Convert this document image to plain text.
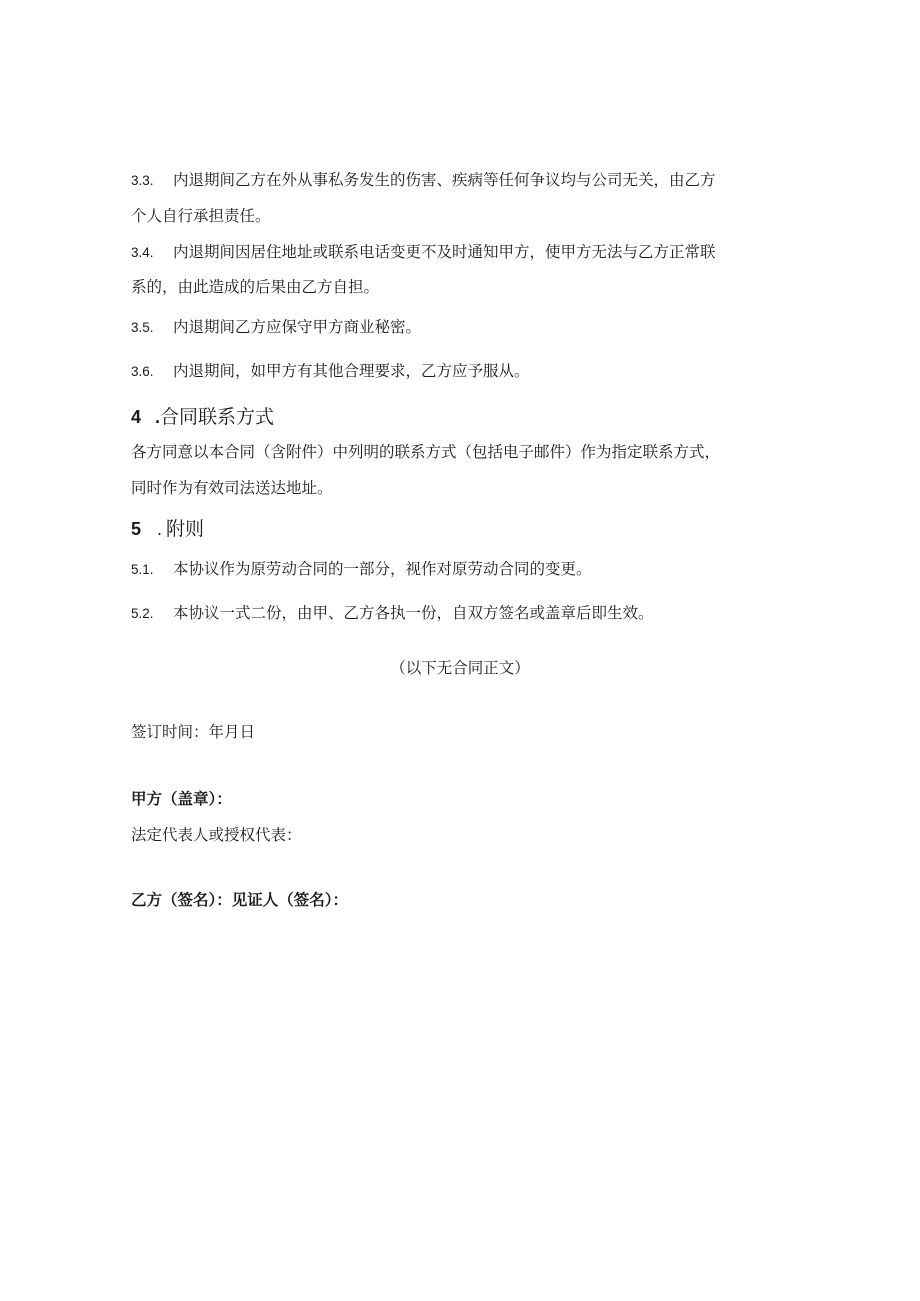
3.3. 内退期间乙方在外从事私务发生的伤害、疾病等任何争议均与公司无关，由乙方
个人自行承担责任。
3.4. 内退期间因居住地址或联系电话变更不及时通知甲方，使甲方无法与乙方正常联
系的，由此造成的后果由乙方自担。
3.5. 内退期间乙方应保守甲方商业秘密。
3.6. 内退期间，如甲方有其他合理要求，乙方应予服从。
4 .合同联系方式
各方同意以本合同（含附件）中列明的联系方式（包括电子邮件）作为指定联系方式，
同时作为有效司法送达地址。
5 . 附则
5.1. 本协议作为原劳动合同的一部分，视作对原劳动合同的变更。
5.2. 本协议一式二份，由甲、乙方各执一份，自双方签名或盖章后即生效。
（以下无合同正文）
签订时间：年月日
甲方（盖章）：
法定代表人或授权代表：
乙方（签名）：见证人（签名）：
